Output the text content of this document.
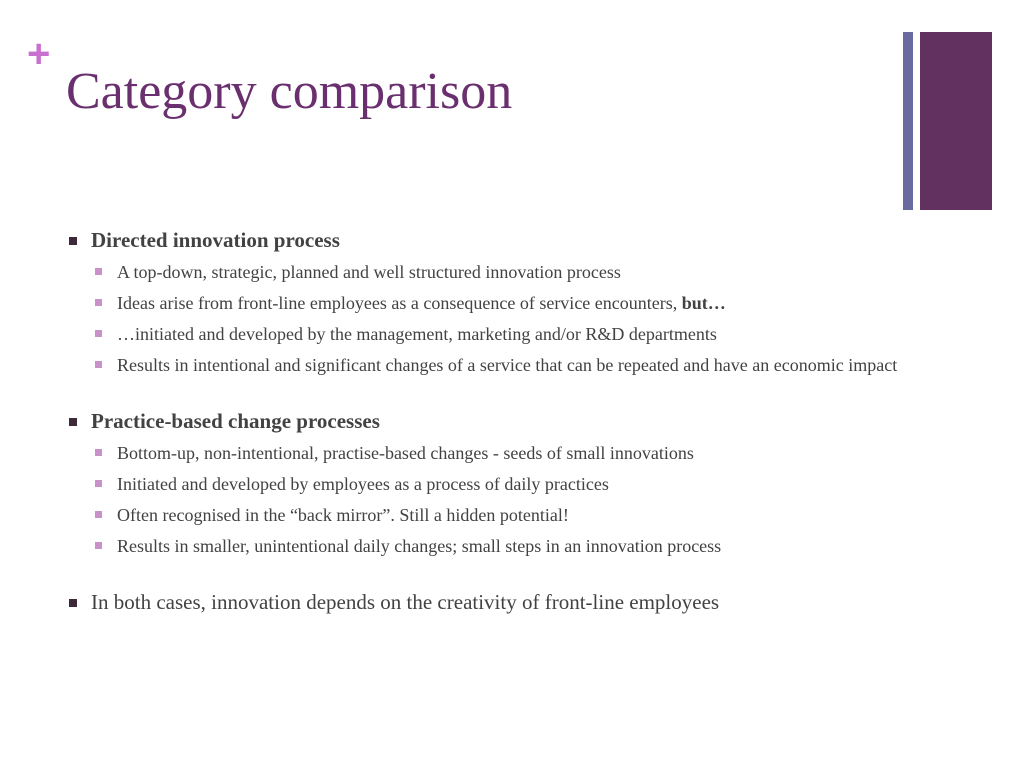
+
Category comparison
Directed innovation process
A top-down, strategic, planned and well structured innovation process
Ideas arise from front-line employees as a consequence of service encounters, but…
…initiated and developed by the management, marketing and/or R&D departments
Results in intentional and significant changes of a service that can be repeated and have an economic impact
Practice-based change processes
Bottom-up, non-intentional, practise-based changes - seeds of small innovations
Initiated and developed by employees as a process of daily practices
Often recognised in the “back mirror”. Still a hidden potential!
Results in smaller, unintentional daily changes; small steps in an innovation process
In both cases, innovation depends on the creativity of front-line employees
